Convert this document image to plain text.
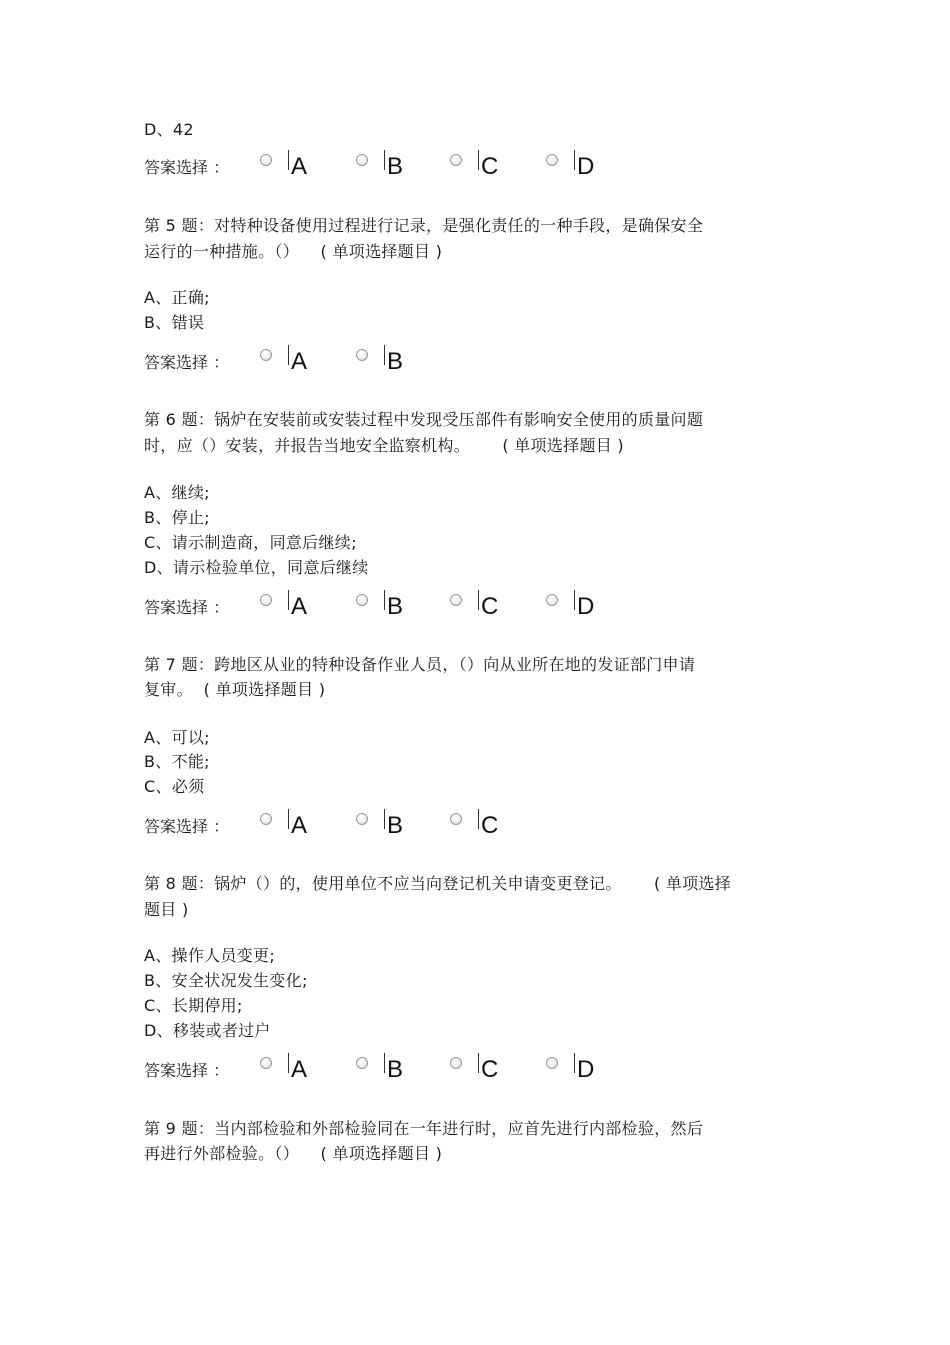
D、42
第 5 题：对特种设备使用过程进行记录，是强化责任的一种手段，是确保安全
运行的一种措施。（）    ( 单项选择题目 )
A、正确;
B、错误
第 6 题：锅炉在安装前或安装过程中发现受压部件有影响安全使用的质量问题
时，应（）安装，并报告当地安全监察机构。      ( 单项选择题目 )
A、继续;
B、停止;
C、请示制造商，同意后继续;
D、请示检验单位，同意后继续
第 7 题：跨地区从业的特种设备作业人员，（）向从业所在地的发证部门申请
复审。  ( 单项选择题目 )
A、可以;
B、不能;
C、必须
第 8 题：锅炉（）的，使用单位不应当向登记机关申请变更登记。      ( 单项选择
题目 )
A、操作人员变更;
B、安全状况发生变化;
C、长期停用;
D、移装或者过户
第 9 题：当内部检验和外部检验同在一年进行时，应首先进行内部检验，然后
再进行外部检验。（）    ( 单项选择题目 )
答案选择 ：	A	B	C	D
答案选择 ：	A	B
答案选择 ：	A	B	C	D
答案选择 ：	A	B	C
答案选择 ：	A	B	C	D
